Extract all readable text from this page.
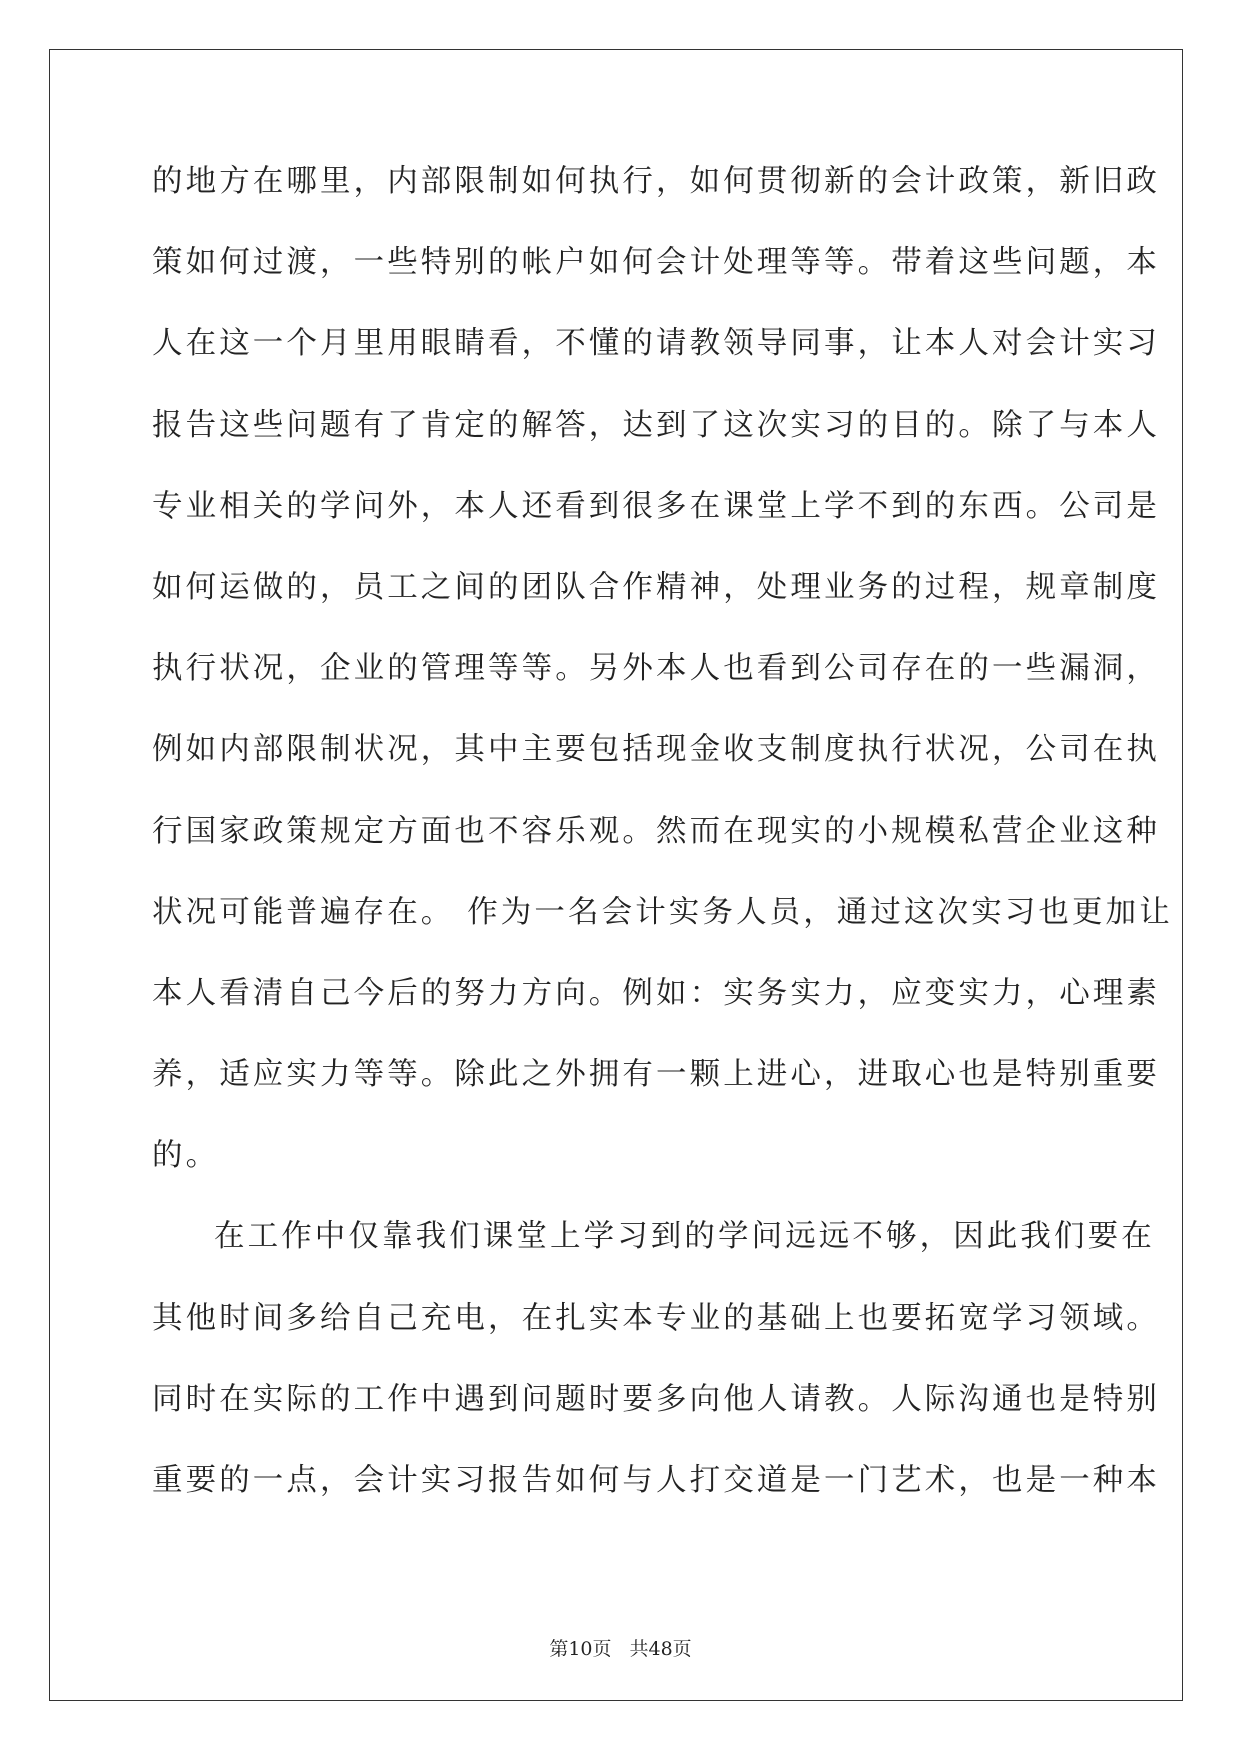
的地方在哪里，内部限制如何执行，如何贯彻新的会计政策，新旧政
策如何过渡，一些特别的帐户如何会计处理等等。带着这些问题，本
人在这一个月里用眼睛看，不懂的请教领导同事，让本人对会计实习
报告这些问题有了肯定的解答，达到了这次实习的目的。除了与本人
专业相关的学问外，本人还看到很多在课堂上学不到的东西。公司是
如何运做的，员工之间的团队合作精神，处理业务的过程，规章制度
执行状况，企业的管理等等。另外本人也看到公司存在的一些漏洞，
例如内部限制状况，其中主要包括现金收支制度执行状况，公司在执
行国家政策规定方面也不容乐观。然而在现实的小规模私营企业这种
状况可能普遍存在。 作为一名会计实务人员，通过这次实习也更加让
本人看清自己今后的努力方向。例如：实务实力，应变实力，心理素
养，适应实力等等。除此之外拥有一颗上进心，进取心也是特别重要
的。
在工作中仅靠我们课堂上学习到的学问远远不够，因此我们要在
其他时间多给自己充电，在扎实本专业的基础上也要拓宽学习领域。
同时在实际的工作中遇到问题时要多向他人请教。人际沟通也是特别
重要的一点，会计实习报告如何与人打交道是一门艺术，也是一种本
第10页 共48页
